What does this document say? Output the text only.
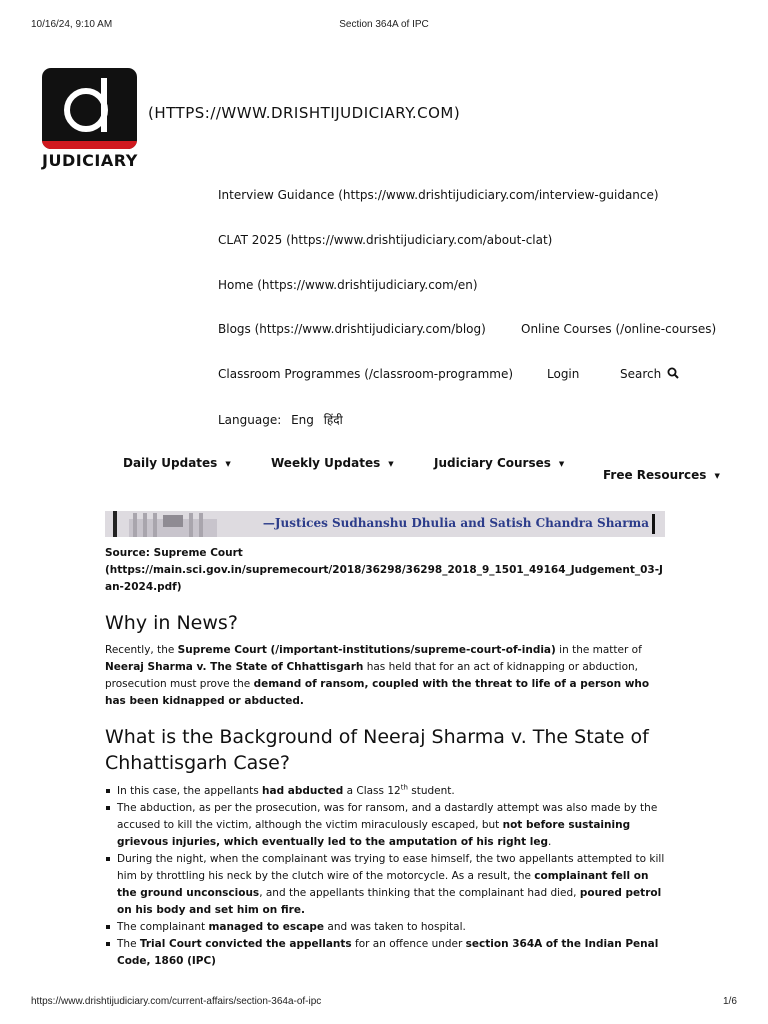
10/16/24, 9:10 AM	Section 364A of IPC
JUDICIARY
(HTTPS://WWW.DRISHTIJUDICIARY.COM)
Interview Guidance (https://www.drishtijudiciary.com/interview-guidance)
CLAT 2025 (https://www.drishtijudiciary.com/about-clat)
Home (https://www.drishtijudiciary.com/en)
Blogs (https://www.drishtijudiciary.com/blog)	Online Courses (/online-courses)
Classroom Programmes (/classroom-programme)	Login	Search
Language: Eng हिंदी
Daily Updates ▼	Weekly Updates ▼	Judiciary Courses ▼
Free Resources ▼
—Justices Sudhanshu Dhulia and Satish Chandra Sharma
Source: Supreme Court
(https://main.sci.gov.in/supremecourt/2018/36298/36298_2018_9_1501_49164_Judgement_03-Jan-2024.pdf)
Why in News?
Recently, the Supreme Court (/important-institutions/supreme-court-of-india) in the matter of Neeraj Sharma v. The State of Chhattisgarh has held that for an act of kidnapping or abduction, prosecution must prove the demand of ransom, coupled with the threat to life of a person who has been kidnapped or abducted.
What is the Background of Neeraj Sharma v. The State of Chhattisgarh Case?
In this case, the appellants had abducted a Class 12th student.
The abduction, as per the prosecution, was for ransom, and a dastardly attempt was also made by the accused to kill the victim, although the victim miraculously escaped, but not before sustaining grievous injuries, which eventually led to the amputation of his right leg.
During the night, when the complainant was trying to ease himself, the two appellants attempted to kill him by throttling his neck by the clutch wire of the motorcycle. As a result, the complainant fell on the ground unconscious, and the appellants thinking that the complainant had died, poured petrol on his body and set him on fire.
The complainant managed to escape and was taken to hospital.
The Trial Court convicted the appellants for an offence under section 364A of the Indian Penal Code, 1860 (IPC)
https://www.drishtijudiciary.com/current-affairs/section-364a-of-ipc	1/6
